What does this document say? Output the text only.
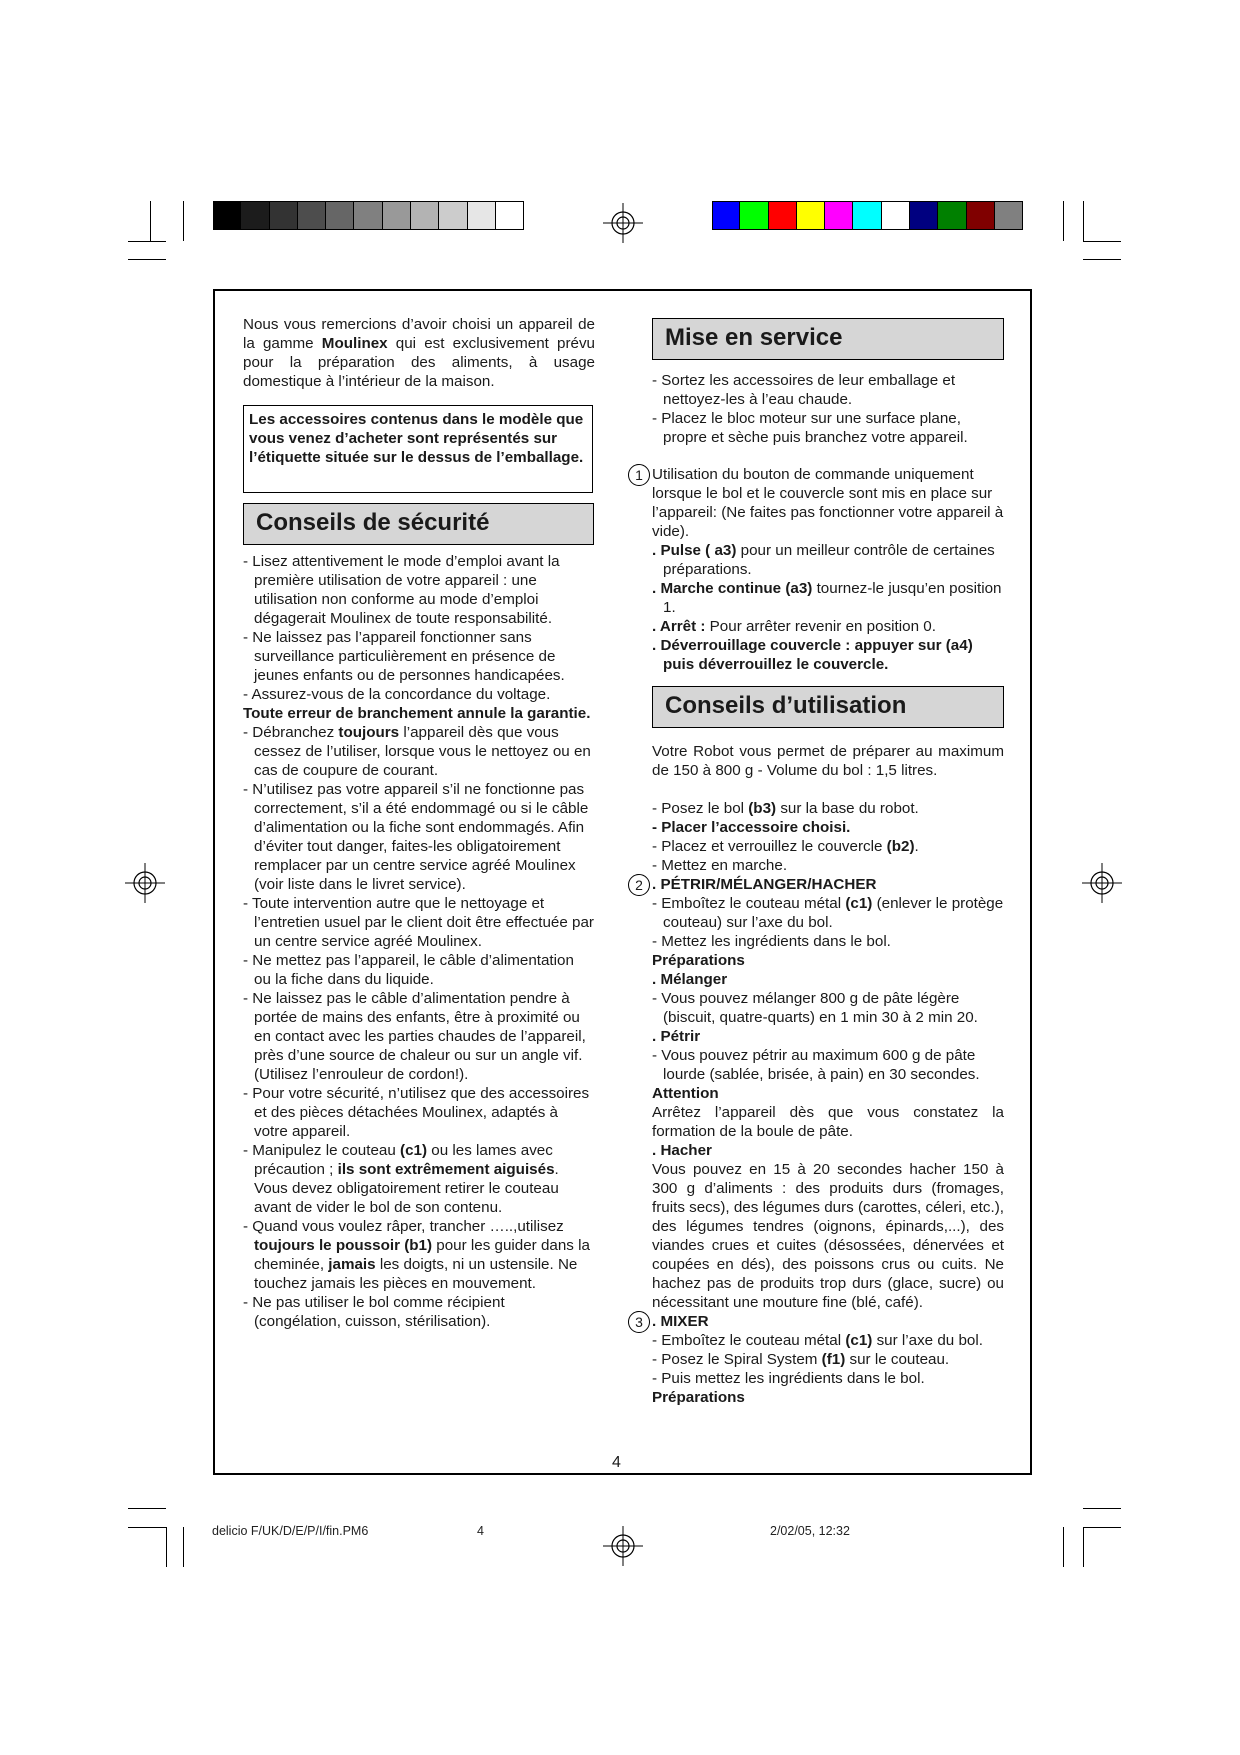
Nous vous remercions d’avoir choisi un appareil de la gamme Moulinex qui est exclusivement prévu pour la préparation des aliments, à usage domestique à l’intérieur de la maison.
Les accessoires contenus dans le modèle que vous venez d’acheter sont représentés sur l’étiquette située sur le dessus de l’emballage.
Conseils de sécurité
- Lisez attentivement le mode d’emploi avant la première utilisation de votre appareil : une utilisation non conforme au mode d’emploi dégagerait Moulinex de toute responsabilité.
- Ne laissez pas l’appareil fonctionner sans surveillance particulièrement en présence de jeunes enfants ou de personnes handicapées.
- Assurez-vous de la concordance du voltage.

Toute erreur de branchement annule la garantie.

- Débranchez toujours l’appareil dès que vous cessez de l’utiliser, lorsque vous le nettoyez ou en cas de coupure de courant.
- N’utilisez pas votre appareil s’il ne fonctionne pas correctement, s’il a été endommagé ou si le câble d’alimentation ou la fiche sont endommagés. Afin d’éviter tout danger, faites-les obligatoirement remplacer par un centre service agréé Moulinex (voir liste dans le livret service).
- Toute intervention autre que le nettoyage et l’entretien usuel par le client doit être effectuée par un centre service agréé Moulinex.
- Ne mettez pas l’appareil, le câble d’alimentation ou la fiche dans du liquide.
- Ne laissez pas le câble d’alimentation pendre à portée de mains des enfants, être à proximité ou en contact avec les parties chaudes de l’appareil, près d’une source de chaleur ou sur un angle vif. (Utilisez l’enrouleur de cordon!).
- Pour votre sécurité, n’utilisez que des accessoires et des pièces détachées Moulinex, adaptés à votre appareil.
- Manipulez le couteau (c1) ou les lames avec précaution ; ils sont extrêmement aiguisés. Vous devez obligatoirement retirer le couteau avant de vider le bol de son contenu.
- Quand vous voulez râper, trancher …..,utilisez toujours le poussoir (b1) pour les guider dans la cheminée, jamais les doigts, ni un ustensile. Ne touchez jamais les pièces en mouvement.
- Ne pas utiliser le bol comme récipient (congélation, cuisson, stérilisation).
Mise en service
- Sortez les accessoires de leur emballage et nettoyez-les à l’eau chaude.
- Placez le bloc moteur sur une surface plane, propre et sèche puis branchez votre appareil.

1 Utilisation du bouton de commande uniquement lorsque le bol et le couvercle sont mis en place sur l’appareil: (Ne faites pas fonctionner votre appareil à vide).

. Pulse ( a3) pour un meilleur contrôle de certaines préparations.

. Marche continue (a3) tournez-le jusqu’en position 1.

. Arrêt : Pour arrêter revenir en position 0.

. Déverrouillage couvercle : appuyer sur (a4) puis déverrouillez le couvercle.

Conseils d’utilisation

Votre Robot vous permet de préparer au maximum de 150 à 800 g - Volume du bol : 1,5 litres.

- Posez le bol (b3) sur la base du robot.

- Placer l’accessoire choisi.

- Placez et verrouillez le couvercle (b2).

- Mettez en marche.

2 . PÉTRIR/MÉLANGER/HACHER

- Emboîtez le couteau métal (c1) (enlever le protège couteau) sur l’axe du bol.

- Mettez les ingrédients dans le bol.

Préparations

. Mélanger

- Vous pouvez mélanger 800 g de pâte légère (biscuit, quatre-quarts) en 1 min 30 à 2 min 20.

. Pétrir

- Vous pouvez pétrir au maximum 600 g de pâte lourde (sablée, brisée, à pain) en 30 secondes.

Attention

Arrêtez l’appareil dès que vous constatez la formation de la boule de pâte.

. Hacher

Vous pouvez en 15 à 20 secondes hacher 150 à 300 g d’aliments : des produits durs (fromages, fruits secs), des légumes durs (carottes, céleri, etc.), des légumes tendres (oignons, épinards,...), des viandes crues et cuites (désossées, dénervées et coupées en dés), des poissons crus ou cuits. Ne hachez pas de produits trop durs (glace, sucre) ou nécessitant une mouture fine (blé, café).

3 . MIXER

- Emboîtez le couteau métal (c1) sur l’axe du bol.

- Posez le Spiral System (f1) sur le couteau.

- Puis mettez les ingrédients dans le bol.

Préparations

4
delicio F/UK/D/E/P/I/fin.PM6	4	2/02/05, 12:32
